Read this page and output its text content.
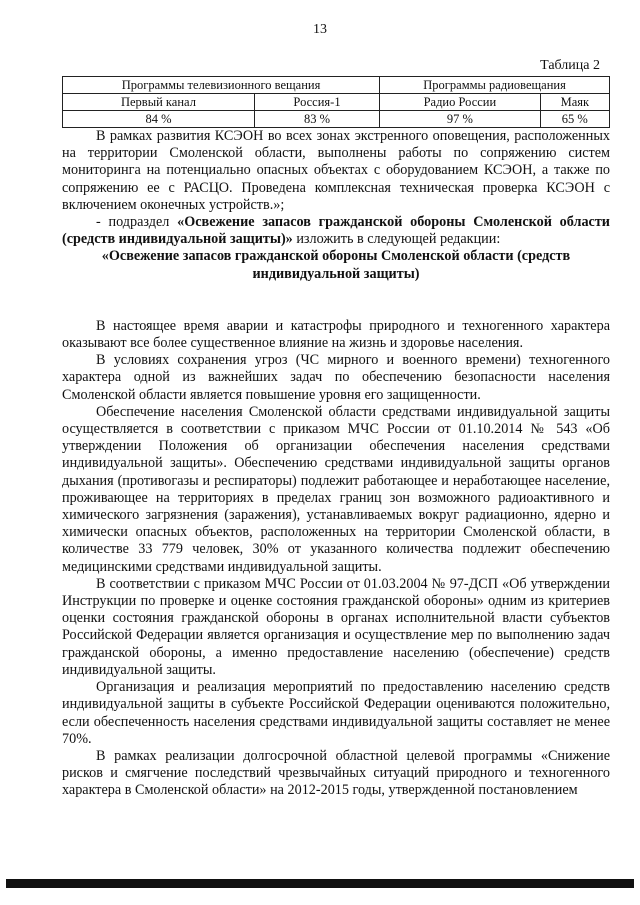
13
Таблица 2
Программы телевизионного вещания		Программы радиовещания	
Первый канал	Россия-1	Радио России	Маяк
84 %	83 %	97 %	65 %

В рамках развития КСЭОН во всех зонах экстренного оповещения, расположенных на территории Смоленской области, выполнены работы по сопряжению систем мониторинга на потенциально опасных объектах с оборудованием КСЭОН, а также по сопряжению ее с РАСЦО. Проведена комплексная техническая проверка КСЭОН с включением оконечных устройств.»;

- подраздел «Освежение запасов гражданской обороны Смоленской области (средств индивидуальной защиты)» изложить в следующей редакции:

«Освежение запасов гражданской обороны Смоленской области (средств индивидуальной защиты)

В настоящее время аварии и катастрофы природного и техногенного характера оказывают все более существенное влияние на жизнь и здоровье населения.

В условиях сохранения угроз (ЧС мирного и военного времени) техногенного характера одной из важнейших задач по обеспечению безопасности населения Смоленской области является повышение уровня его защищенности.

Обеспечение населения Смоленской области средствами индивидуальной защиты осуществляется в соответствии с приказом МЧС России от 01.10.2014 № 543 «Об утверждении Положения об организации обеспечения населения средствами индивидуальной защиты». Обеспечению средствами индивидуальной защиты органов дыхания (противогазы и респираторы) подлежит работающее и неработающее население, проживающее на территориях в пределах границ зон возможного радиоактивного и химического загрязнения (заражения), устанавливаемых вокруг радиационно, ядерно и химически опасных объектов, расположенных на территории Смоленской области, в количестве 33 779 человек, 30% от указанного количества подлежит обеспечению медицинскими средствами индивидуальной защиты.

В соответствии с приказом МЧС России от 01.03.2004 № 97-ДСП «Об утверждении Инструкции по проверке и оценке состояния гражданской обороны» одним из критериев оценки состояния гражданской обороны в органах исполнительной власти субъектов Российской Федерации является организация и осуществление мер по выполнению задач гражданской обороны, а именно предоставление населению (обеспечение) средств индивидуальной защиты.

Организация и реализация мероприятий по предоставлению населению средств индивидуальной защиты в субъекте Российской Федерации оцениваются положительно, если обеспеченность населения средствами индивидуальной защиты составляет не менее 70%.

В рамках реализации долгосрочной областной целевой программы «Снижение рисков и смягчение последствий чрезвычайных ситуаций природного и техногенного характера в Смоленской области» на 2012-2015 годы, утвержденной постановлением
